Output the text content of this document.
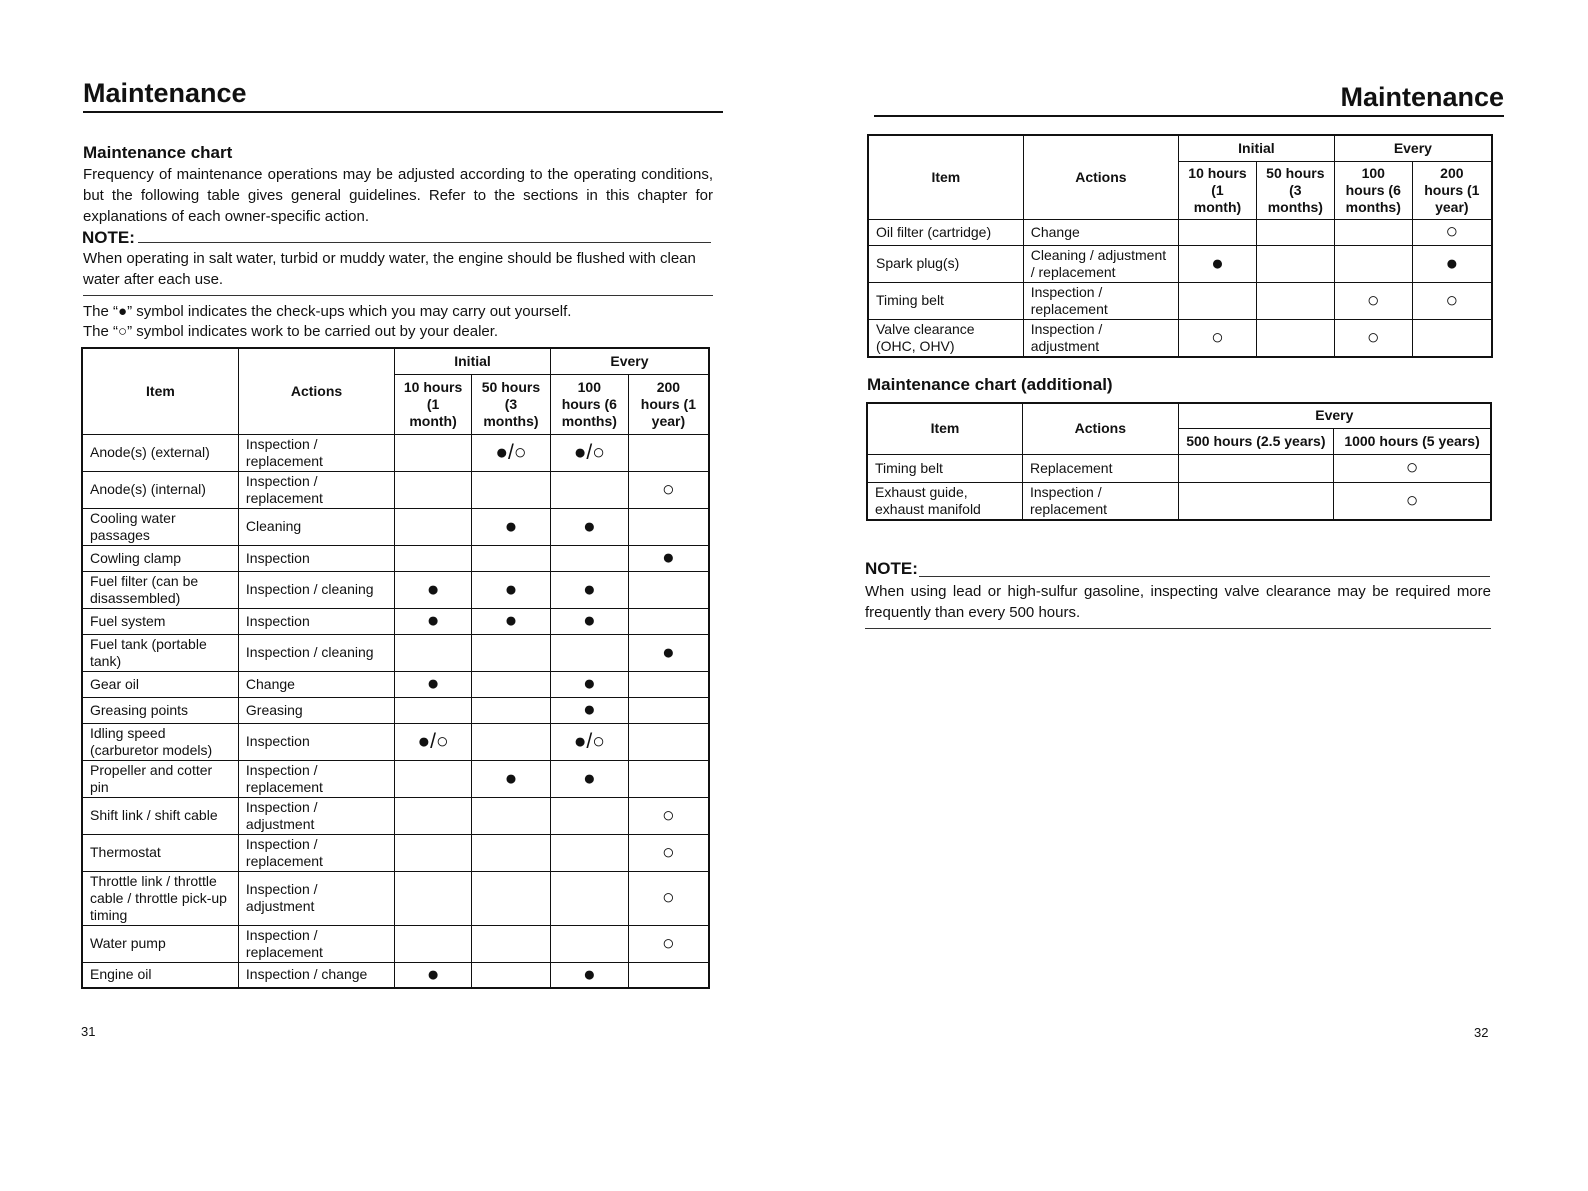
Maintenance
Maintenance chart
Frequency of maintenance operations may be adjusted according to the operating conditions, but the following table gives general guidelines. Refer to the sections in this chapter for explanations of each owner-specific action.
NOTE:
When operating in salt water, turbid or muddy water, the engine should be flushed with clean water after each use.
The “●” symbol indicates the check-ups which you may carry out yourself.
The “○” symbol indicates work to be carried out by your dealer.
Item	Actions	Initial		Every	
		10 hours (1 month)	50 hours (3 months)	100 hours (6 months)	200 hours (1 year)
Anode(s) (external)	Inspection / replacement		●/○	●/○	
Anode(s) (internal)	Inspection / replacement				○
Cooling water passages	Cleaning		●	●	
Cowling clamp	Inspection				●
Fuel filter (can be disassembled)	Inspection / cleaning	●	●	●	
Fuel system	Inspection	●	●	●	
Fuel tank (portable tank)	Inspection / cleaning				●
Gear oil	Change	●		●	
Greasing points	Greasing			●	
Idling speed (carburetor models)	Inspection	●/○		●/○	
Propeller and cotter pin	Inspection / replacement		●	●	
Shift link / shift cable	Inspection / adjustment				○
Thermostat	Inspection / replacement				○
Throttle link / throttle cable / throttle pick-up timing	Inspection / adjustment				○
Water pump	Inspection / replacement				○
Engine oil	Inspection / change	●		●	
31
Maintenance
Item	Actions	Initial		Every	
		10 hours (1 month)	50 hours (3 months)	100 hours (6 months)	200 hours (1 year)
Oil filter (cartridge)	Change				○
Spark plug(s)	Cleaning / adjustment / replacement	●			●
Timing belt	Inspection / replacement			○	○
Valve clearance (OHC, OHV)	Inspection / adjustment	○		○	
Maintenance chart (additional)
Item	Actions	Every	
		500 hours (2.5 years)	1000 hours (5 years)
Timing belt	Replacement		○
Exhaust guide, exhaust manifold	Inspection / replacement		○
NOTE:
When using lead or high-sulfur gasoline, inspecting valve clearance may be required more frequently than every 500 hours.
32
